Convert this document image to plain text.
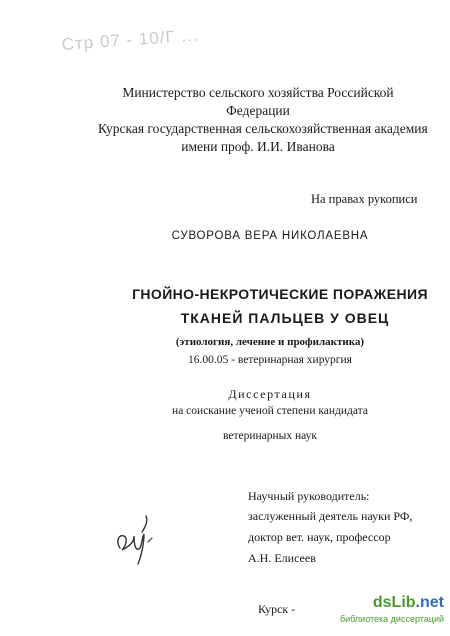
Стр 07 - 10/Г ...
Министерство сельского хозяйства Российской
Федерации
Курская государственная сельскохозяйственная академия
имени проф. И.И. Иванова
На правах рукописи
СУВОРОВА ВЕРА НИКОЛАЕВНА
ГНОЙНО-НЕКРОТИЧЕСКИЕ ПОРАЖЕНИЯ
ТКАНЕЙ ПАЛЬЦЕВ У ОВЕЦ
(этиология, лечение и профилактика)
16.00.05 - ветеринарная хирургия
Диссертация
на соискание ученой степени кандидата
ветеринарных наук
Научный руководитель:
заслуженный деятель науки РФ,
доктор вет. наук, профессор
А.Н. Елисеев
Курск -	dsLib.net
библиотека диссертаций
